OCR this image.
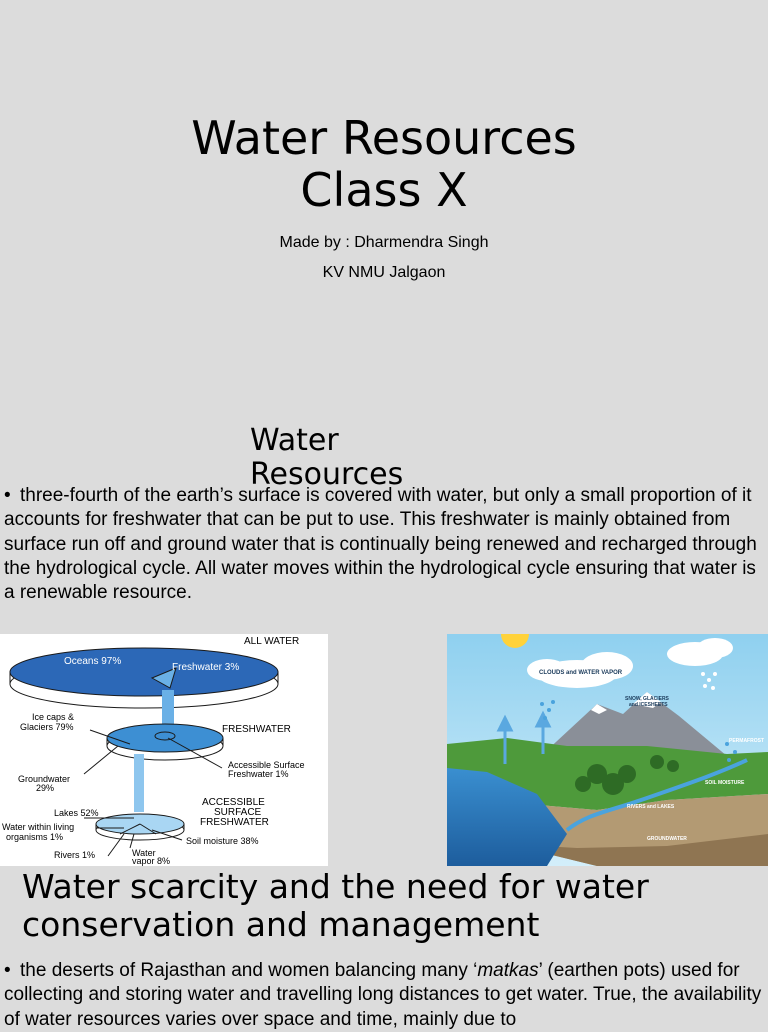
Water Resources
Class X
Made by : Dharmendra Singh
KV NMU Jalgaon
Water Resources
• three-fourth of the earth’s surface is covered with water, but only a small proportion of it accounts for freshwater that can be put to use. This freshwater is mainly obtained from surface run off and ground water that is continually being renewed and recharged through the hydrological cycle. All water moves within the hydrological cycle ensuring that water is a renewable resource.
ALL WATER
Oceans 97%
Freshwater 3%
Ice caps &
Glaciers 79%	FRESHWATER
Accessible Surface
Freshwater 1%
Groundwater
29%
ACCESSIBLE
SURFACE
FRESHWATER
Lakes 52%
Water within living
organisms 1%	Soil moisture 38%
Rivers 1%	Water
vapor 8%
CLOUDS and WATER VAPOR
SNOW, GLACIERS
and ICESHEETS
PERMAFROST
SOIL MOISTURE
RIVERS and LAKES
GROUNDWATER
Water scarcity and the need for water conservation and management
• the deserts of Rajasthan and women balancing many ‘matkas’ (earthen pots) used for collecting and storing water and travelling long distances to get water. True, the availability of water resources varies over space and time, mainly due to
